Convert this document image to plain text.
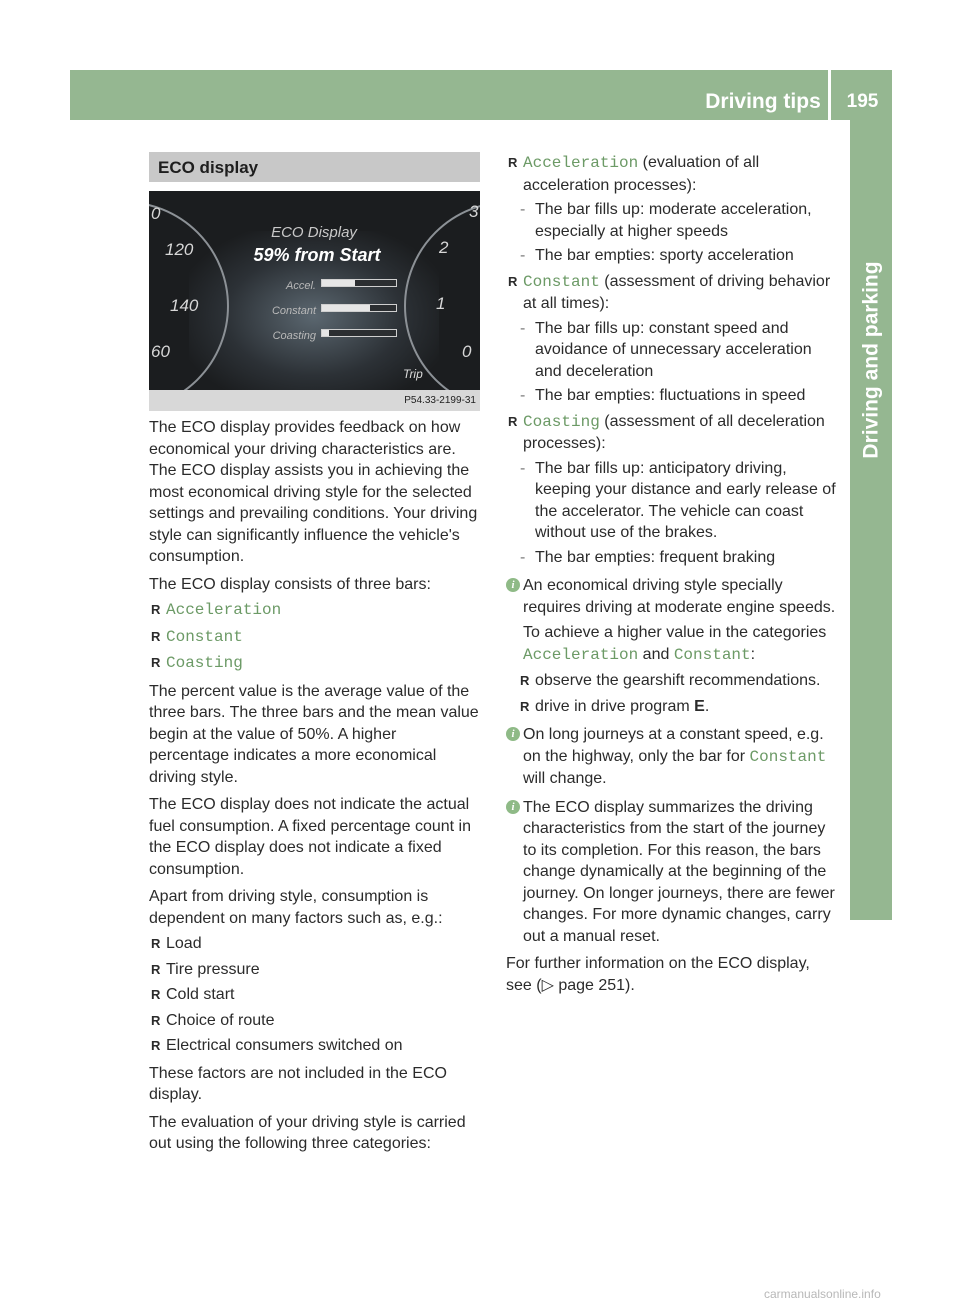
Driving tips	195
Driving and parking
ECO display
0
120
140
60
3
2
1
0
ECO Display
59% from Start
Accel.
Constant
Coasting
Trip
P54.33-2199-31

The ECO display provides feedback on how economical your driving characteristics are. The ECO display assists you in achieving the most economical driving style for the selected settings and prevailing conditions. Your driving style can significantly influence the vehicle's consumption.

The ECO display consists of three bars:

R Acceleration
R Constant
R Coasting

The percent value is the average value of the three bars. The three bars and the mean value begin at the value of 50%. A higher percentage indicates a more economical driving style.

The ECO display does not indicate the actual fuel consumption. A fixed percentage count in the ECO display does not indicate a fixed consumption.

Apart from driving style, consumption is dependent on many factors such as, e.g.:

R Load
R Tire pressure
R Cold start
R Choice of route
R Electrical consumers switched on

These factors are not included in the ECO display.

The evaluation of your driving style is carried out using the following three categories:

R Acceleration (evaluation of all acceleration processes):
- The bar fills up: moderate acceleration, especially at higher speeds
- The bar empties: sporty acceleration
R Constant (assessment of driving behavior at all times):
- The bar fills up: constant speed and avoidance of unnecessary acceleration and deceleration
- The bar empties: fluctuations in speed
R Coasting (assessment of all deceleration processes):
- The bar fills up: anticipatory driving, keeping your distance and early release of the accelerator. The vehicle can coast without use of the brakes.
- The bar empties: frequent braking
i An economical driving style specially requires driving at moderate engine speeds.
To achieve a higher value in the categories Acceleration and Constant:
R observe the gearshift recommendations.
R drive in drive program E.
i On long journeys at a constant speed, e.g. on the highway, only the bar for Constant will change.
i The ECO display summarizes the driving characteristics from the start of the journey to its completion. For this reason, the bars change dynamically at the beginning of the journey. On longer journeys, there are fewer changes. For more dynamic changes, carry out a manual reset.

For further information on the ECO display, see (▷ page 251).

carmanualsonline.info
